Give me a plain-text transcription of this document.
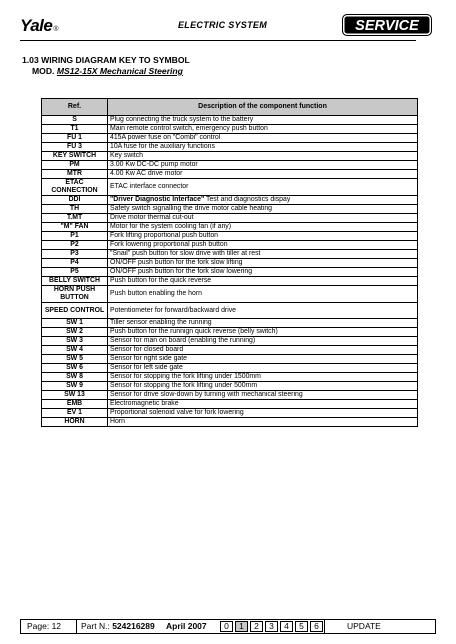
Yale®	ELECTRIC SYSTEM	SERVICE
1.03 WIRING DIAGRAM KEY TO SYMBOL
MOD. MS12-15X Mechanical Steering
Ref.	Description of the component function
S	Plug connecting the truck system to the battery
T1	Main remote control switch, emergency push button
FU 1	415A power fuse on "Combi" control
FU 3	10A fuse for the auxiliary functions
KEY SWITCH	Key switch
PM	3.00 Kw DC-DC pump motor
MTR	4.00 Kw AC drive motor
ETAC CONNECTION	ETAC interface connector
DDI	"Driver Diagnostic Interface" Test and diagnostics dispay
TH	Safety switch signalling the drive motor cable heating
T.MT	Drive motor thermal cut-out
"M" FAN	Motor for the system cooling fan (if any)
P1	Fork lifting proportional push button
P2	Fork lowering proportional push button
P3	"Snail" push button for slow drive with tiller at rest
P4	ON/OFF push button for the fork slow lifting
P5	ON/OFF push button for the fork slow lowering
BELLY SWITCH	Push button for the quick reverse
HORN PUSH BUTTON	Push button enabling the horn
SPEED CONTROL	Potentiometer for forward/backward drive
SW 1	Tiller sensor enabling the running
SW 2	Push button for the runnign quick reverse (belly switch)
SW 3	Sensor for man on board (enabling the running)
SW 4	Sensor for closed board
SW 5	Sensor for right side gate
SW 6	Sensor for left side gate
SW 8	Sensor for stopping the fork lifting under 1500mm
SW 9	Sensor for stopping the fork lifting under 500mm
SW 13	Sensor for drive slow-down by turning with mechanical steering
EMB	Electromagnetic brake
EV 1	Proportional solenoid valve for fork lowering
HORN	Horn
Page: 12 Part N.: 524216289 April 2007	0	1	2	3	4	5	6	UPDATE
